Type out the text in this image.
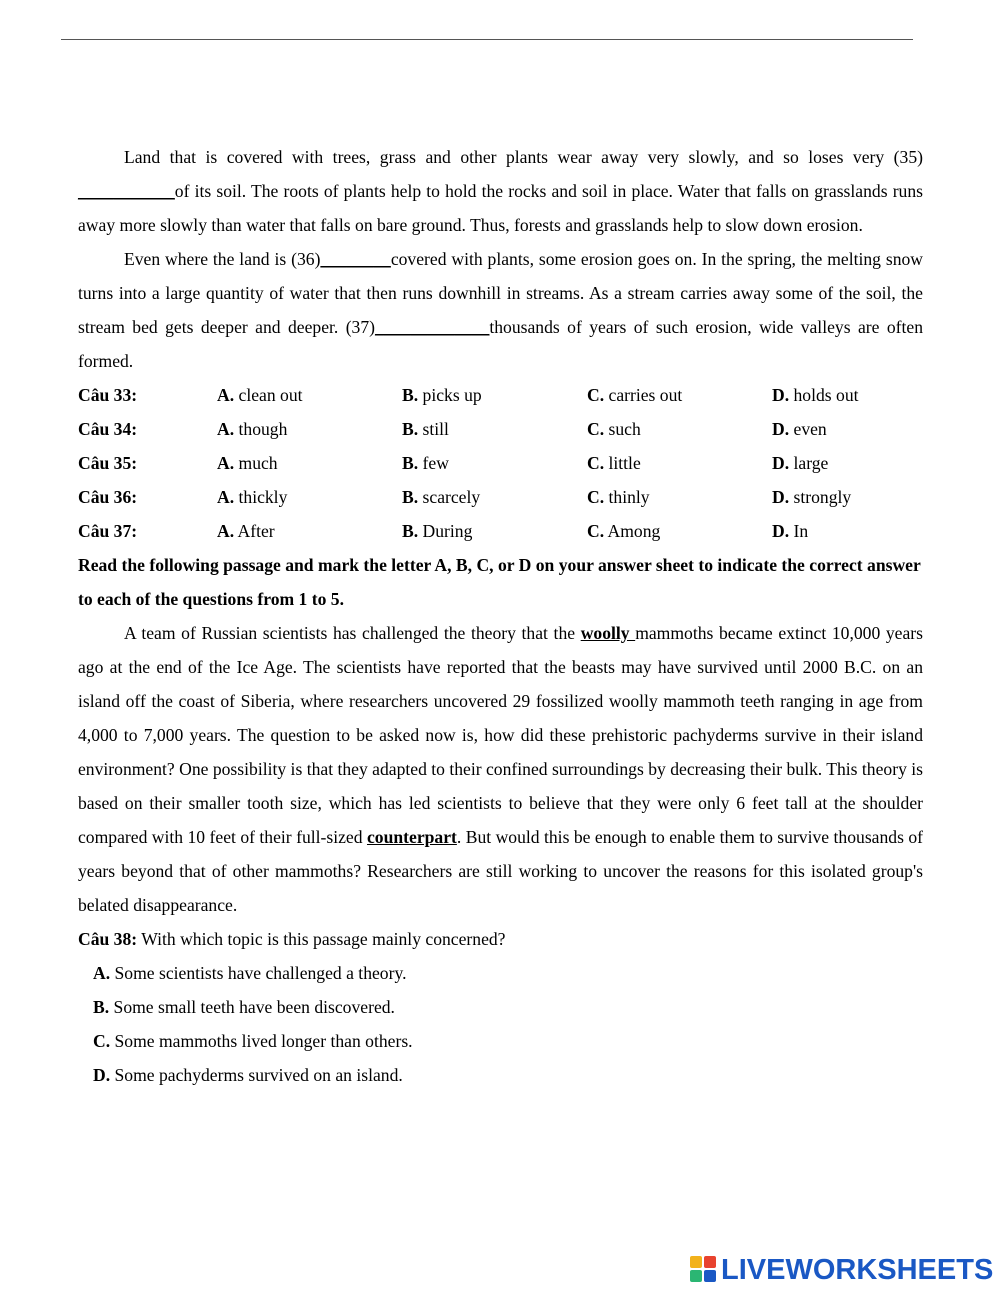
Land that is covered with trees, grass and other plants wear away very slowly, and so loses very (35) ___________of its soil. The roots of plants help to hold the rocks and soil in place. Water that falls on grasslands runs away more slowly than water that falls on bare ground. Thus, forests and grasslands help to slow down erosion.

Even where the land is (36)________covered with plants, some erosion goes on. In the spring, the melting snow turns into a large quantity of water that then runs downhill in streams. As a stream carries away some of the soil, the stream bed gets deeper and deeper. (37)_____________thousands of years of such erosion, wide valleys are often formed.

Câu 33:	A. clean out	B. picks up	C. carries out	D. holds out
Câu 34:	A. though	B. still	C. such	D. even
Câu 35:	A. much	B. few	C. little	D. large
Câu 36:	A. thickly	B. scarcely	C. thinly	D. strongly
Câu 37:	A. After	B. During	C. Among	D. In

Read the following passage and mark the letter A, B, C, or D on your answer sheet to indicate the correct answer to each of the questions from 1 to 5.

A team of Russian scientists has challenged the theory that the woolly mammoths became extinct 10,000 years ago at the end of the Ice Age. The scientists have reported that the beasts may have survived until 2000 B.C. on an island off the coast of Siberia, where researchers uncovered 29 fossilized woolly mammoth teeth ranging in age from 4,000 to 7,000 years. The question to be asked now is, how did these prehistoric pachyderms survive in their island environment? One possibility is that they adapted to their confined surroundings by decreasing their bulk. This theory is based on their smaller tooth size, which has led scientists to believe that they were only 6 feet tall at the shoulder compared with 10 feet of their full-sized counterpart. But would this be enough to enable them to survive thousands of years beyond that of other mammoths? Researchers are still working to uncover the reasons for this isolated group's belated disappearance.

Câu 38: With which topic is this passage mainly concerned?

A. Some scientists have challenged a theory.

B. Some small teeth have been discovered.

C. Some mammoths lived longer than others.

D. Some pachyderms survived on an island.

LIVEWORKSHEETS
